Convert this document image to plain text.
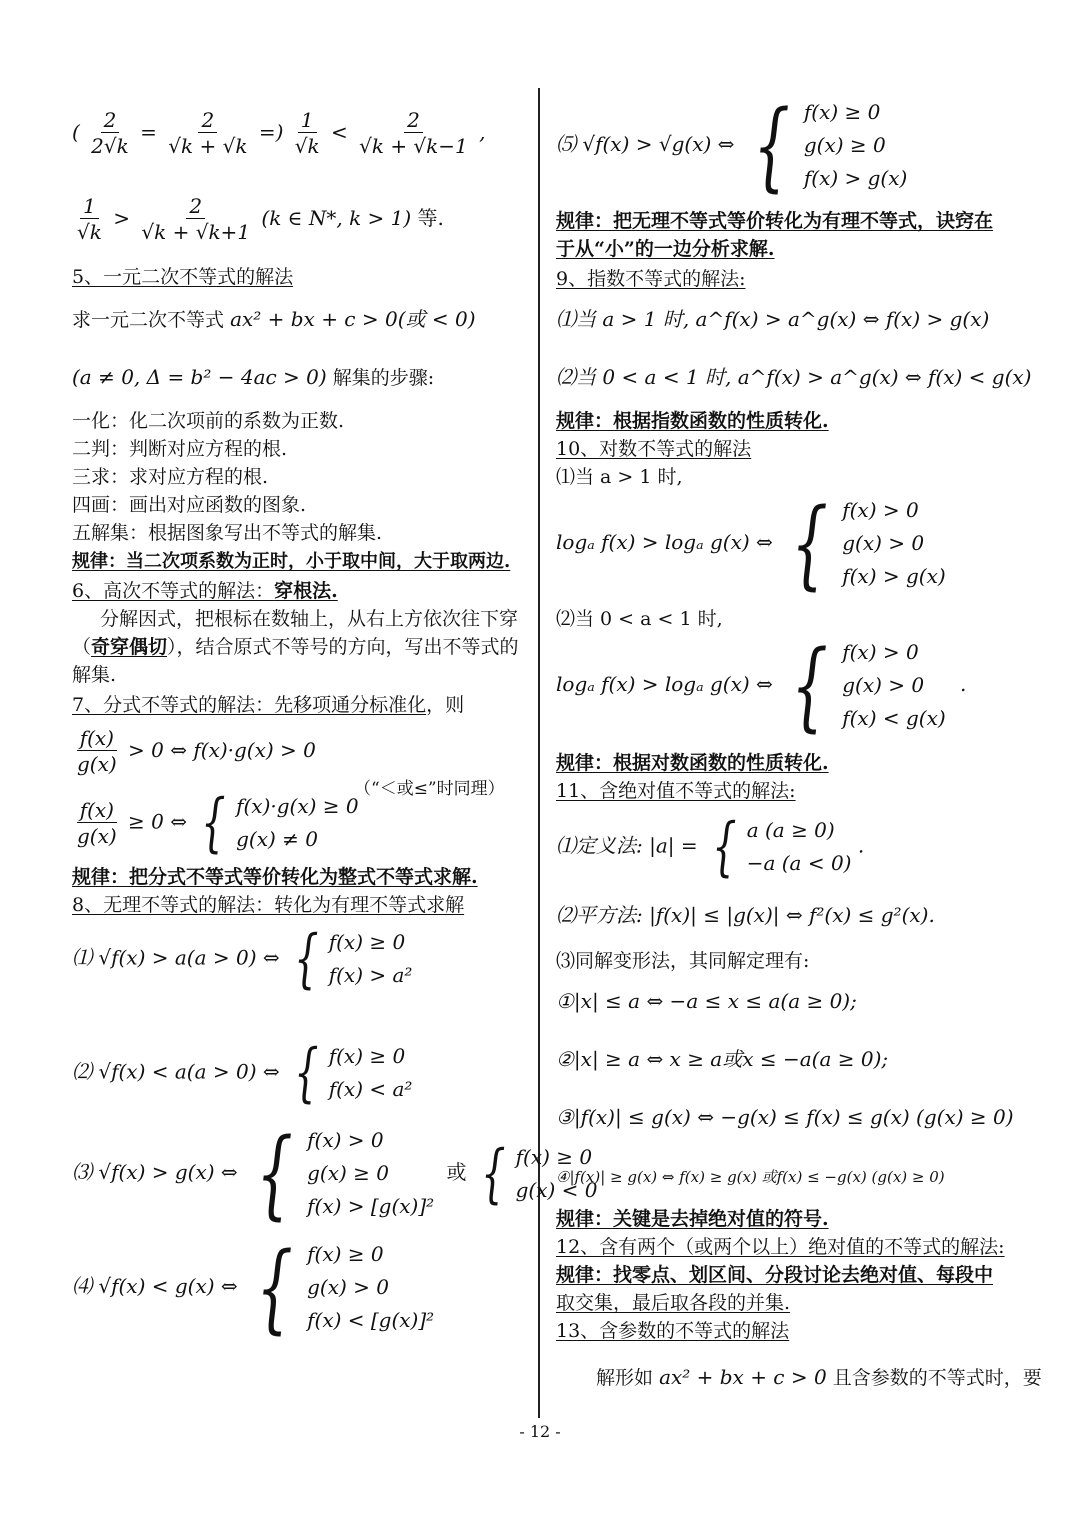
( $\frac{2}{2√k} = \frac{2}{√k + √k}$ =) $\frac{1}{√k} < \frac{2}{√k + √k-1}$ ,
$\frac{1}{√k} > \frac{2}{√k + √k+1} (k$ ∈ N*, k > 1) 等.
5、一元二次不等式的解法
求一元二次不等式 ax² + bx + c > 0(或 < 0)
(a ≠ 0, Δ = b² − 4ac > 0) 解集的步骤:
一化：化二次项前的系数为正数.
二判：判断对应方程的根.
三求：求对应方程的根.
四画：画出对应函数的图象.
五解集：根据图象写出不等式的解集.
规律：当二次项系数为正时，小于取中间，大于取两边.
6、高次不等式的解法：穿根法.
分解因式，把根标在数轴上，从右上方依次往下穿
（奇穿偶切），结合原式不等号的方向，写出不等式的
解集.
7、分式不等式的解法：先移项通分标准化，则
$\frac{f(x)}{g(x)} > 0$ ⇔ f(x)·g(x) > 0
（“＜或≤”时同理）
$\frac{f(x)}{g(x)} \ge 0$ ⇔ { f(x)·g(x) ≥ 0
g(x) ≠ 0
规律：把分式不等式等价转化为整式不等式求解.
8、无理不等式的解法：转化为有理不等式求解
⑴ √f(x) > a(a > 0) ⇔ { f(x) ≥ 0
f(x) > a²
⑵ √f(x) < a(a > 0) ⇔ { f(x) ≥ 0
f(x) < a²
⑶ √f(x) > g(x) ⇔ { f(x) > 0
g(x) ≥ 0
f(x) > [g(x)]²
或 { f(x) ≥ 0
g(x) < 0
⑷ √f(x) < g(x) ⇔ { f(x) ≥ 0
g(x) > 0
f(x) < [g(x)]²
⑸ √f(x) > √g(x) ⇔ { f(x) ≥ 0
g(x) ≥ 0
f(x) > g(x)
规律：把无理不等式等价转化为有理不等式，诀窍在
于从“小”的一边分析求解.
9、指数不等式的解法:
⑴当 a > 1 时, a^f(x) > a^g(x) ⇔ f(x) > g(x)
⑵当 0 < a < 1 时, a^f(x) > a^g(x) ⇔ f(x) < g(x)
规律：根据指数函数的性质转化.
10、对数不等式的解法
⑴当 a > 1 时,
logₐ f(x) > logₐ g(x) ⇔ { f(x) > 0
g(x) > 0
f(x) > g(x)
⑵当 0 < a < 1 时,
logₐ f(x) > logₐ g(x) ⇔ { f(x) > 0
g(x) > 0
f(x) < g(x)
.
规律：根据对数函数的性质转化.
11、含绝对值不等式的解法:
⑴定义法: |a| = { a (a ≥ 0)
−a (a < 0)
.
⑵平方法: |f(x)| ≤ |g(x)| ⇔ f²(x) ≤ g²(x).
⑶同解变形法，其同解定理有:
①|x| ≤ a ⇔ −a ≤ x ≤ a(a ≥ 0);
②|x| ≥ a ⇔ x ≥ a或x ≤ −a(a ≥ 0);
③|f(x)| ≤ g(x) ⇔ −g(x) ≤ f(x) ≤ g(x) (g(x) ≥ 0)
④|f(x)| ≥ g(x) ⇔ f(x) ≥ g(x) 或f(x) ≤ −g(x) (g(x) ≥ 0)
规律：关键是去掉绝对值的符号.
12、含有两个（或两个以上）绝对值的不等式的解法:
规律：找零点、划区间、分段讨论去绝对值、每段中
取交集，最后取各段的并集.
13、含参数的不等式的解法
解形如 ax² + bx + c > 0 且含参数的不等式时，要
- 12 -
